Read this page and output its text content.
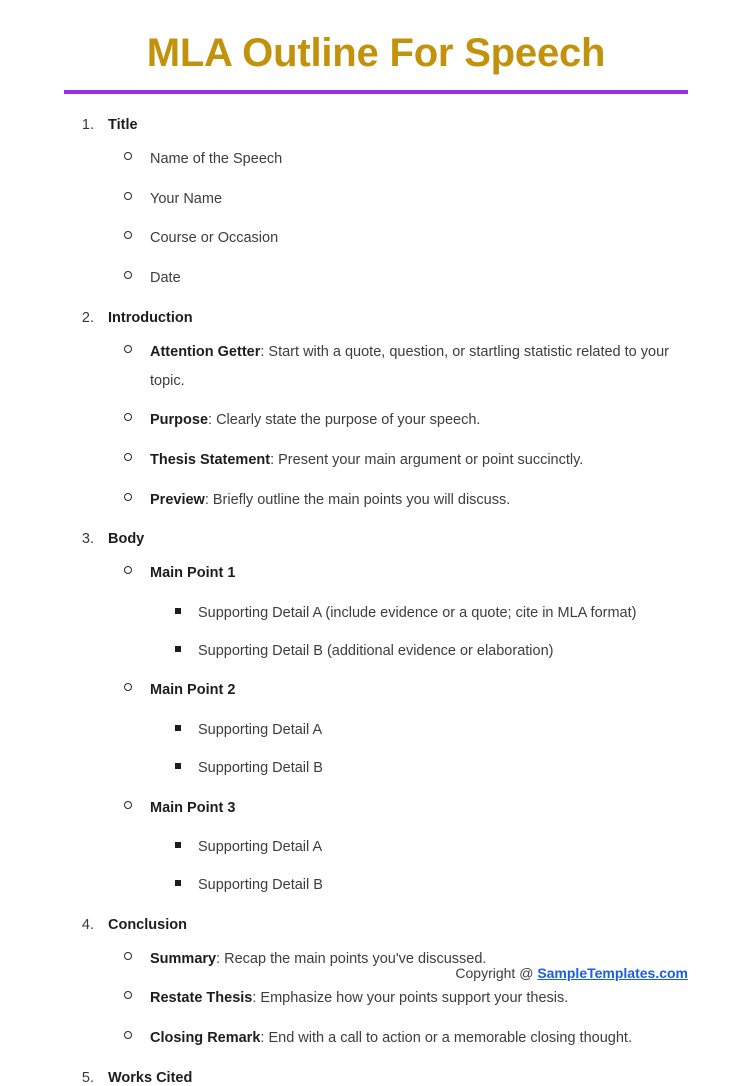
MLA Outline For Speech
1. Title
Name of the Speech
Your Name
Course or Occasion
Date
2. Introduction
Attention Getter: Start with a quote, question, or startling statistic related to your topic.
Purpose: Clearly state the purpose of your speech.
Thesis Statement: Present your main argument or point succinctly.
Preview: Briefly outline the main points you will discuss.
3. Body
Main Point 1
Supporting Detail A (include evidence or a quote; cite in MLA format)
Supporting Detail B (additional evidence or elaboration)
Main Point 2
Supporting Detail A
Supporting Detail B
Main Point 3
Supporting Detail A
Supporting Detail B
4. Conclusion
Summary: Recap the main points you've discussed.
Restate Thesis: Emphasize how your points support your thesis.
Closing Remark: End with a call to action or a memorable closing thought.
5. Works Cited
Copyright @ SampleTemplates.com
